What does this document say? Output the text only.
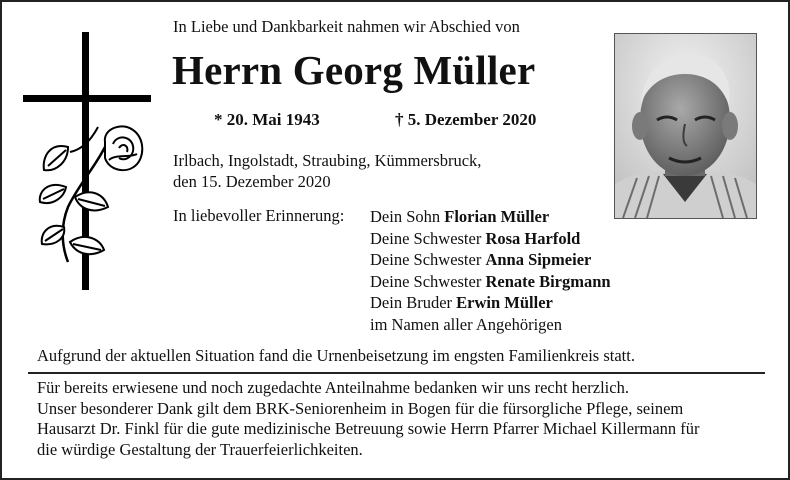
In Liebe und Dankbarkeit nahmen wir Abschied von
Herrn Georg Müller
* 20. Mai 1943	† 5. Dezember 2020
Irlbach, Ingolstadt, Straubing, Kümmersbruck,
den 15. Dezember 2020
In liebevoller Erinnerung: Dein Sohn Florian Müller
Deine Schwester Rosa Harfold
Deine Schwester Anna Sipmeier
Deine Schwester Renate Birgmann
Dein Bruder Erwin Müller
im Namen aller Angehörigen
Aufgrund der aktuellen Situation fand die Urnenbeisetzung im engsten Familienkreis statt.
Für bereits erwiesene und noch zugedachte Anteilnahme bedanken wir uns recht herzlich.
Unser besonderer Dank gilt dem BRK-Seniorenheim in Bogen für die fürsorgliche Pflege, seinem
Hausarzt Dr. Finkl für die gute medizinische Betreuung sowie Herrn Pfarrer Michael Killermann für
die würdige Gestaltung der Trauerfeierlichkeiten.
